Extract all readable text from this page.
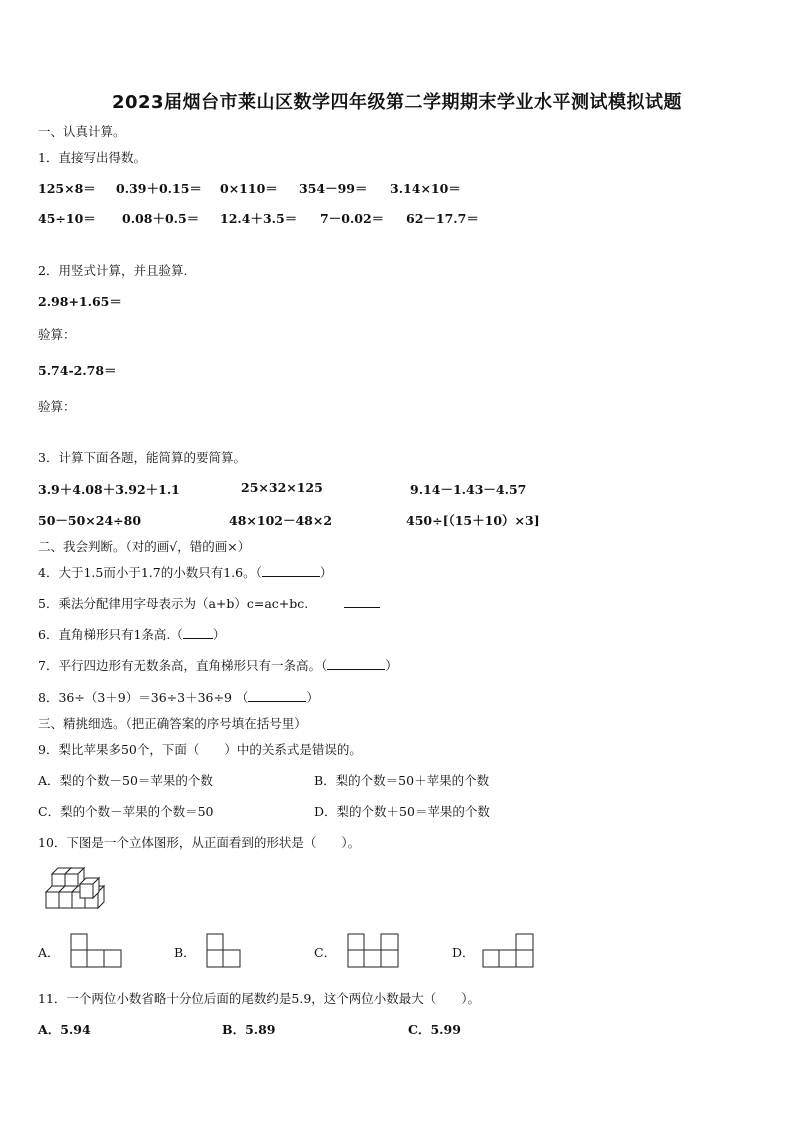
2023届烟台市莱山区数学四年级第二学期期末学业水平测试模拟试题
一、认真计算。
1．直接写出得数。
125×8＝ 0.39＋0.15＝ 0×110＝ 354－99＝ 3.14×10＝
45÷10＝ 0.08＋0.5＝ 12.4＋3.5＝ 7－0.02＝ 62－17.7＝
2．用竖式计算，并且验算.
2.98+1.65＝
验算：
5.74-2.78＝
验算：
3．计算下面各题，能简算的要简算。
3.9＋4.08＋3.92＋1.1	25×32×125	9.14－1.43－4.57
50－50×24÷80	48×102－48×2	450÷[（15＋10）×3]
二、我会判断。（对的画√，错的画×）
4．大于1.5而小于1.7的小数只有1.6。（	）
5．乘法分配律用字母表示为（a+b）c=ac+bc.
6．直角梯形只有1条高.（ ）
7．平行四边形有无数条高，直角梯形只有一条高。（	）
8．36÷（3＋9）＝36÷3＋36÷9 （	）
三、精挑细选。（把正确答案的序号填在括号里）
9．梨比苹果多50个，下面（　　）中的关系式是错误的。
A．梨的个数－50＝苹果的个数	B．梨的个数＝50＋苹果的个数
C．梨的个数－苹果的个数＝50	D．梨的个数＋50＝苹果的个数
10．下图是一个立体图形，从正面看到的形状是（　　）。
A．	B．	C．	D．
11．一个两位小数省略十分位后面的尾数约是5.9，这个两位小数最大（　　）。
A．5.94	B．5.89	C．5.99
